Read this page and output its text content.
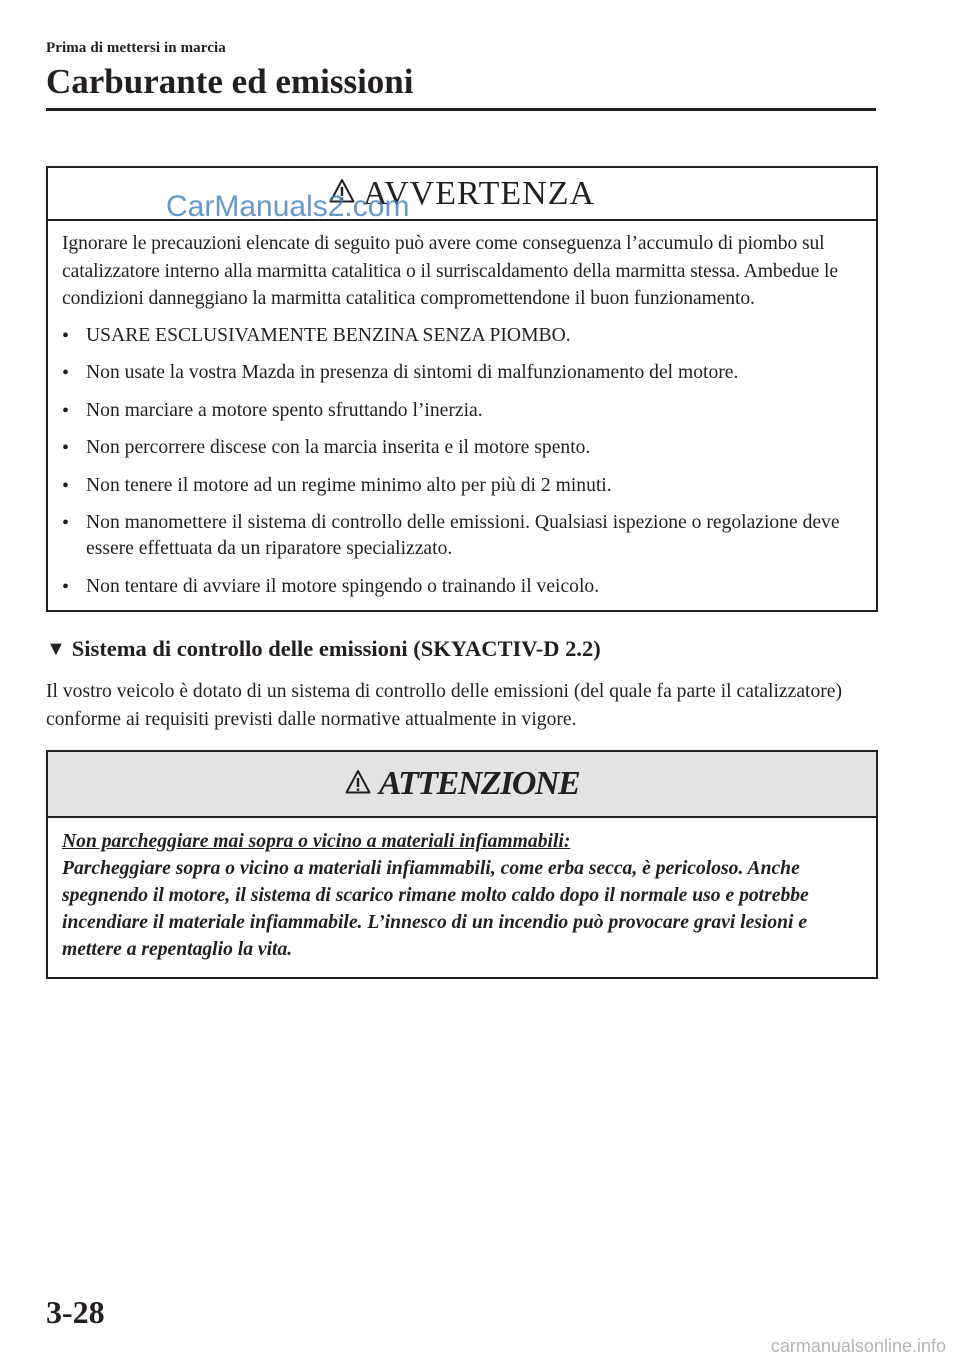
Prima di mettersi in marcia
Carburante ed emissioni
CarManuals2.com
AVVERTENZA

Ignorare le precauzioni elencate di seguito può avere come conseguenza l’accumulo di piombo sul catalizzatore interno alla marmitta catalitica o il surriscaldamento della marmitta stessa. Ambedue le condizioni danneggiano la marmitta catalitica compromettendone il buon funzionamento.

• USARE ESCLUSIVAMENTE BENZINA SENZA PIOMBO.
• Non usate la vostra Mazda in presenza di sintomi di malfunzionamento del motore.
• Non marciare a motore spento sfruttando l’inerzia.
• Non percorrere discese con la marcia inserita e il motore spento.
• Non tenere il motore ad un regime minimo alto per più di 2 minuti.
• Non manomettere il sistema di controllo delle emissioni. Qualsiasi ispezione o regolazione deve essere effettuata da un riparatore specializzato.
• Non tentare di avviare il motore spingendo o trainando il veicolo.
▼ Sistema di controllo delle emissioni (SKYACTIV-D 2.2)

Il vostro veicolo è dotato di un sistema di controllo delle emissioni (del quale fa parte il catalizzatore) conforme ai requisiti previsti dalle normative attualmente in vigore.

ATTENZIONE
Non parcheggiare mai sopra o vicino a materiali infiammabili:
Parcheggiare sopra o vicino a materiali infiammabili, come erba secca, è pericoloso. Anche spegnendo il motore, il sistema di scarico rimane molto caldo dopo il normale uso e potrebbe incendiare il materiale infiammabile. L’innesco di un incendio può provocare gravi lesioni e mettere a repentaglio la vita.
3-28
carmanualsonline.info
